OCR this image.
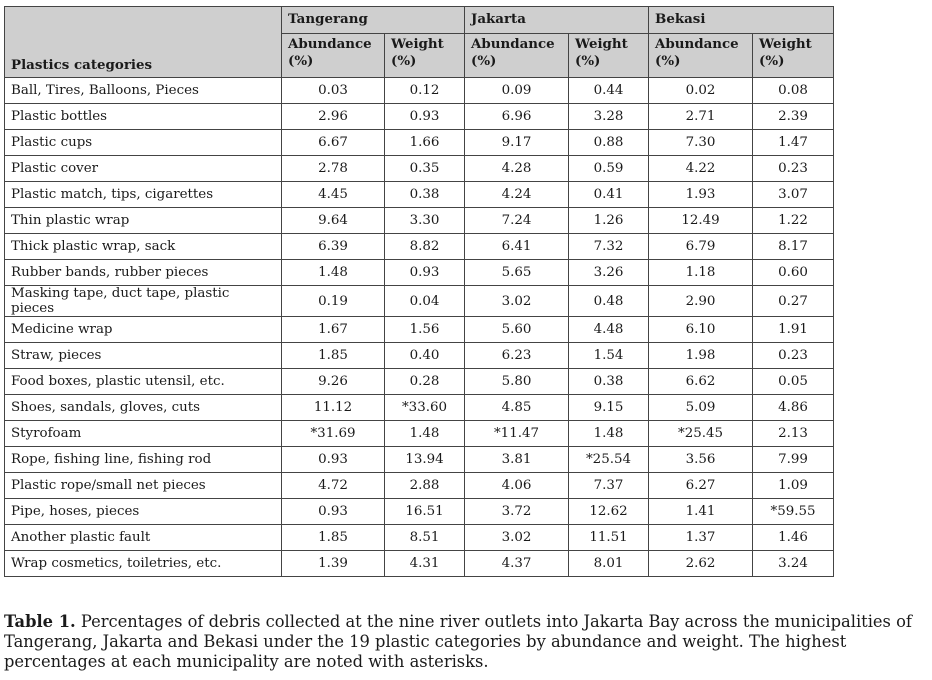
Plastics categories	Tangerang		Jakarta		Bekasi	
	Abundance (%)	Weight (%)	Abundance (%)	Weight (%)	Abundance (%)	Weight (%)
Ball, Tires, Balloons, Pieces	0.03	0.12	0.09	0.44	0.02	0.08
Plastic bottles	2.96	0.93	6.96	3.28	2.71	2.39
Plastic cups	6.67	1.66	9.17	0.88	7.30	1.47
Plastic cover	2.78	0.35	4.28	0.59	4.22	0.23
Plastic match, tips, cigarettes	4.45	0.38	4.24	0.41	1.93	3.07
Thin plastic wrap	9.64	3.30	7.24	1.26	12.49	1.22
Thick plastic wrap, sack	6.39	8.82	6.41	7.32	6.79	8.17
Rubber bands, rubber pieces	1.48	0.93	5.65	3.26	1.18	0.60
Masking tape, duct tape, plastic pieces	0.19	0.04	3.02	0.48	2.90	0.27
Medicine wrap	1.67	1.56	5.60	4.48	6.10	1.91
Straw, pieces	1.85	0.40	6.23	1.54	1.98	0.23
Food boxes, plastic utensil, etc.	9.26	0.28	5.80	0.38	6.62	0.05
Shoes, sandals, gloves, cuts	11.12	*33.60	4.85	9.15	5.09	4.86
Styrofoam	*31.69	1.48	*11.47	1.48	*25.45	2.13
Rope, fishing line, fishing rod	0.93	13.94	3.81	*25.54	3.56	7.99
Plastic rope/small net pieces	4.72	2.88	4.06	7.37	6.27	1.09
Pipe, hoses, pieces	0.93	16.51	3.72	12.62	1.41	*59.55
Another plastic fault	1.85	8.51	3.02	11.51	1.37	1.46
Wrap cosmetics, toiletries, etc.	1.39	4.31	4.37	8.01	2.62	3.24
Table 1. Percentages of debris collected at the nine river outlets into Jakarta Bay across the municipalities of Tangerang, Jakarta and Bekasi under the 19 plastic categories by abundance and weight. The highest percentages at each municipality are noted with asterisks.
